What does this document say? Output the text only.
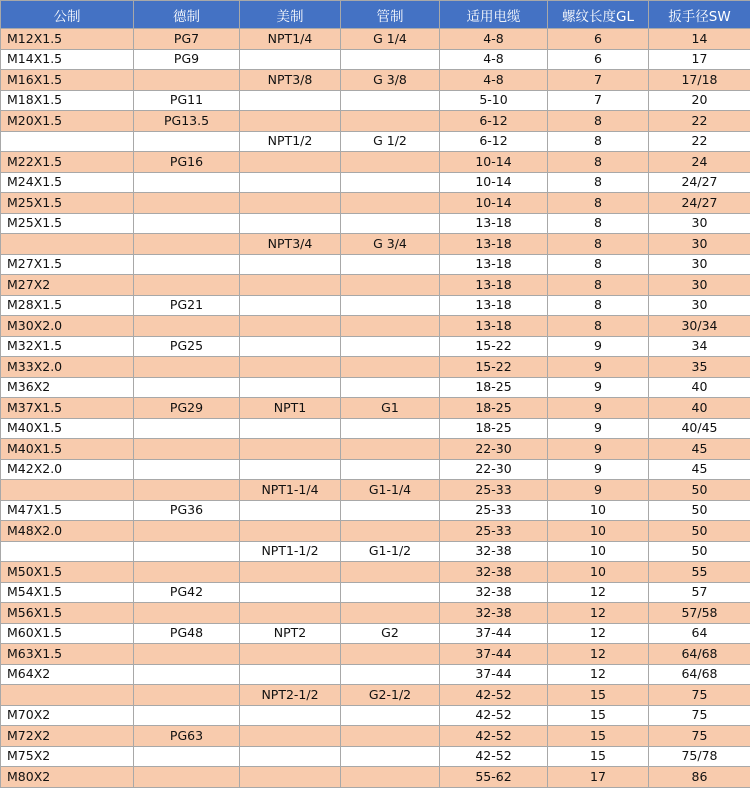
公制	德制	美制	管制	适用电缆	螺纹长度GL	扳手径SW
M12X1.5	PG7	NPT1/4	G 1/4	4-8	6	14
M14X1.5	PG9			4-8	6	17
M16X1.5		NPT3/8	G 3/8	4-8	7	17/18
M18X1.5	PG11			5-10	7	20
M20X1.5	PG13.5			6-12	8	22
		NPT1/2	G 1/2	6-12	8	22
M22X1.5	PG16			10-14	8	24
M24X1.5				10-14	8	24/27
M25X1.5				10-14	8	24/27
M25X1.5				13-18	8	30
		NPT3/4	G 3/4	13-18	8	30
M27X1.5				13-18	8	30
M27X2				13-18	8	30
M28X1.5	PG21			13-18	8	30
M30X2.0				13-18	8	30/34
M32X1.5	PG25			15-22	9	34
M33X2.0				15-22	9	35
M36X2				18-25	9	40
M37X1.5	PG29	NPT1	G1	18-25	9	40
M40X1.5				18-25	9	40/45
M40X1.5				22-30	9	45
M42X2.0				22-30	9	45
		NPT1-1/4	G1-1/4	25-33	9	50
M47X1.5	PG36			25-33	10	50
M48X2.0				25-33	10	50
		NPT1-1/2	G1-1/2	32-38	10	50
M50X1.5				32-38	10	55
M54X1.5	PG42			32-38	12	57
M56X1.5				32-38	12	57/58
M60X1.5	PG48	NPT2	G2	37-44	12	64
M63X1.5				37-44	12	64/68
M64X2				37-44	12	64/68
		NPT2-1/2	G2-1/2	42-52	15	75
M70X2				42-52	15	75
M72X2	PG63			42-52	15	75
M75X2				42-52	15	75/78
M80X2				55-62	17	86
